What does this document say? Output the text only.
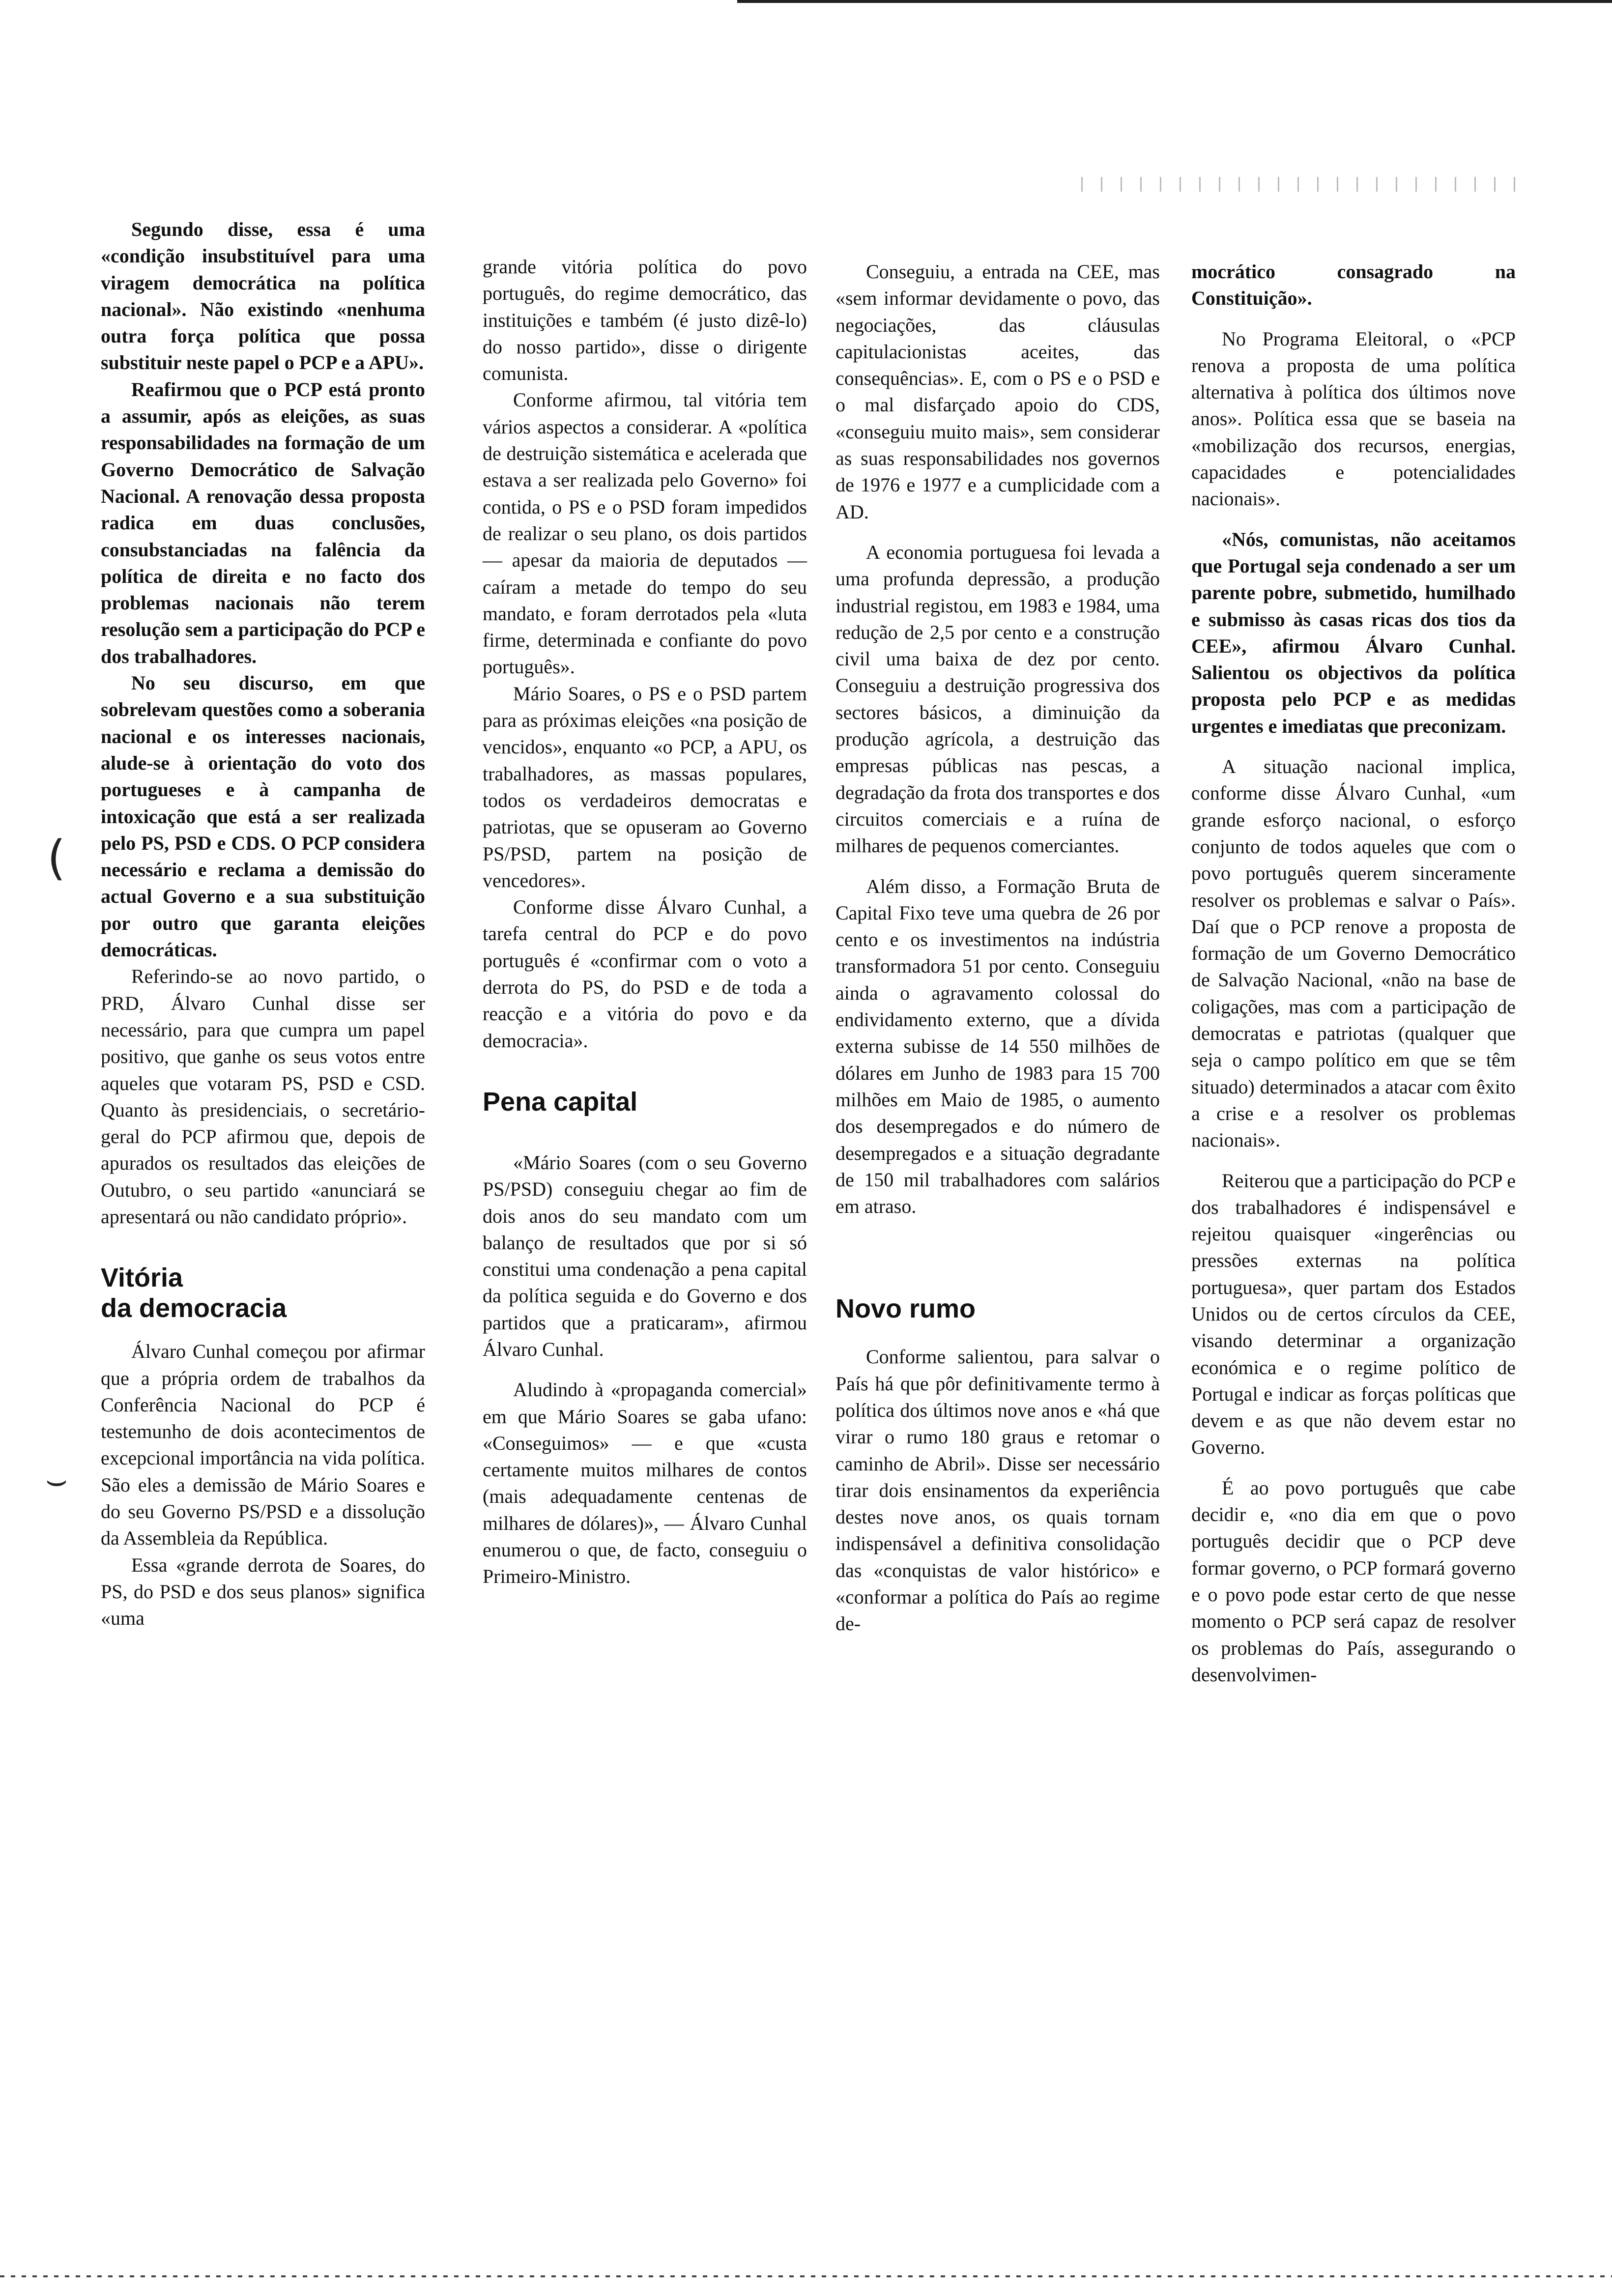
(
⌣

Segundo disse, essa é uma «condição insubstituível para uma viragem democrática na política nacional». Não existindo «nenhuma outra força política que possa substituir neste papel o PCP e a APU».

Reafirmou que o PCP está pronto a assumir, após as eleições, as suas responsabilidades na formação de um Governo Democrático de Salvação Nacional. A renovação dessa proposta radica em duas conclusões, consubstanciadas na falência da política de direita e no facto dos problemas nacionais não terem resolução sem a participação do PCP e dos trabalhadores.

No seu discurso, em que sobrelevam questões como a soberania nacional e os interesses nacionais, alude-se à orientação do voto dos portugueses e à campanha de intoxicação que está a ser realizada pelo PS, PSD e CDS. O PCP considera necessário e reclama a demissão do actual Governo e a sua substituição por outro que garanta eleições democráticas.

Referindo-se ao novo partido, o PRD, Álvaro Cunhal disse ser necessário, para que cumpra um papel positivo, que ganhe os seus votos entre aqueles que votaram PS, PSD e CSD. Quanto às presidenciais, o secretário-geral do PCP afirmou que, depois de apurados os resultados das eleições de Outubro, o seu partido «anunciará se apresentará ou não candidato próprio».

Vitória
da democracia

Álvaro Cunhal começou por afirmar que a própria ordem de trabalhos da Conferência Nacional do PCP é testemunho de dois acontecimentos de excepcional importância na vida política. São eles a demissão de Mário Soares e do seu Governo PS/PSD e a dissolução da Assembleia da República.

Essa «grande derrota de Soares, do PS, do PSD e dos seus planos» significa «uma

grande vitória política do povo português, do regime democrático, das instituições e também (é justo dizê-lo) do nosso partido», disse o dirigente comunista.

Conforme afirmou, tal vitória tem vários aspectos a considerar. A «política de destruição sistemática e acelerada que estava a ser realizada pelo Governo» foi contida, o PS e o PSD foram impedidos de realizar o seu plano, os dois partidos — apesar da maioria de deputados — caíram a metade do tempo do seu mandato, e foram derrotados pela «luta firme, determinada e confiante do povo português».

Mário Soares, o PS e o PSD partem para as próximas eleições «na posição de vencidos», enquanto «o PCP, a APU, os trabalhadores, as massas populares, todos os verdadeiros democratas e patriotas, que se opuseram ao Governo PS/PSD, partem na posição de vencedores».

Conforme disse Álvaro Cunhal, a tarefa central do PCP e do povo português é «confirmar com o voto a derrota do PS, do PSD e de toda a reacção e a vitória do povo e da democracia».

Pena capital

«Mário Soares (com o seu Governo PS/PSD) conseguiu chegar ao fim de dois anos do seu mandato com um balanço de resultados que por si só constitui uma condenação a pena capital da política seguida e do Governo e dos partidos que a praticaram», afirmou Álvaro Cunhal.

Aludindo à «propaganda comercial» em que Mário Soares se gaba ufano: «Conseguimos» — e que «custa certamente muitos milhares de contos (mais adequadamente centenas de milhares de dólares)», — Álvaro Cunhal enumerou o que, de facto, conseguiu o Primeiro-Ministro.

Conseguiu, a entrada na CEE, mas «sem informar devidamente o povo, das negociações, das cláusulas capitulacionistas aceites, das consequências». E, com o PS e o PSD e o mal disfarçado apoio do CDS, «conseguiu muito mais», sem considerar as suas responsabilidades nos governos de 1976 e 1977 e a cumplicidade com a AD.

A economia portuguesa foi levada a uma profunda depressão, a produção industrial registou, em 1983 e 1984, uma redução de 2,5 por cento e a construção civil uma baixa de dez por cento. Conseguiu a destruição progressiva dos sectores básicos, a diminuição da produção agrícola, a destruição das empresas públicas nas pescas, a degradação da frota dos transportes e dos circuitos comerciais e a ruína de milhares de pequenos comerciantes.

Além disso, a Formação Bruta de Capital Fixo teve uma quebra de 26 por cento e os investimentos na indústria transformadora 51 por cento. Conseguiu ainda o agravamento colossal do endividamento externo, que a dívida externa subisse de 14 550 milhões de dólares em Junho de 1983 para 15 700 milhões em Maio de 1985, o aumento dos desempregados e do número de desempregados e a situação degradante de 150 mil trabalhadores com salários em atraso.

Novo rumo

Conforme salientou, para salvar o País há que pôr definitivamente termo à política dos últimos nove anos e «há que virar o rumo 180 graus e retomar o caminho de Abril». Disse ser necessário tirar dois ensinamentos da experiência destes nove anos, os quais tornam indispensável a definitiva consolidação das «conquistas de valor histórico» e «conformar a política do País ao regime de-

mocrático consagrado na Constituição».

No Programa Eleitoral, o «PCP renova a proposta de uma política alternativa à política dos últimos nove anos». Política essa que se baseia na «mobilização dos recursos, energias, capacidades e potencialidades nacionais».

«Nós, comunistas, não aceitamos que Portugal seja condenado a ser um parente pobre, submetido, humilhado e submisso às casas ricas dos tios da CEE», afirmou Álvaro Cunhal. Salientou os objectivos da política proposta pelo PCP e as medidas urgentes e imediatas que preconizam.

A situação nacional implica, conforme disse Álvaro Cunhal, «um grande esforço nacional, o esforço conjunto de todos aqueles que com o povo português querem sinceramente resolver os problemas e salvar o País». Daí que o PCP renove a proposta de formação de um Governo Democrático de Salvação Nacional, «não na base de coligações, mas com a participação de democratas e patriotas (qualquer que seja o campo político em que se têm situado) determinados a atacar com êxito a crise e a resolver os problemas nacionais».

Reiterou que a participação do PCP e dos trabalhadores é indispensável e rejeitou quaisquer «ingerências ou pressões externas na política portuguesa», quer partam dos Estados Unidos ou de certos círculos da CEE, visando determinar a organização económica e o regime político de Portugal e indicar as forças políticas que devem e as que não devem estar no Governo.

É ao povo português que cabe decidir e, «no dia em que o povo português decidir que o PCP deve formar governo, o PCP formará governo e o povo pode estar certo de que nesse momento o PCP será capaz de resolver os problemas do País, assegurando o desenvolvimen-
